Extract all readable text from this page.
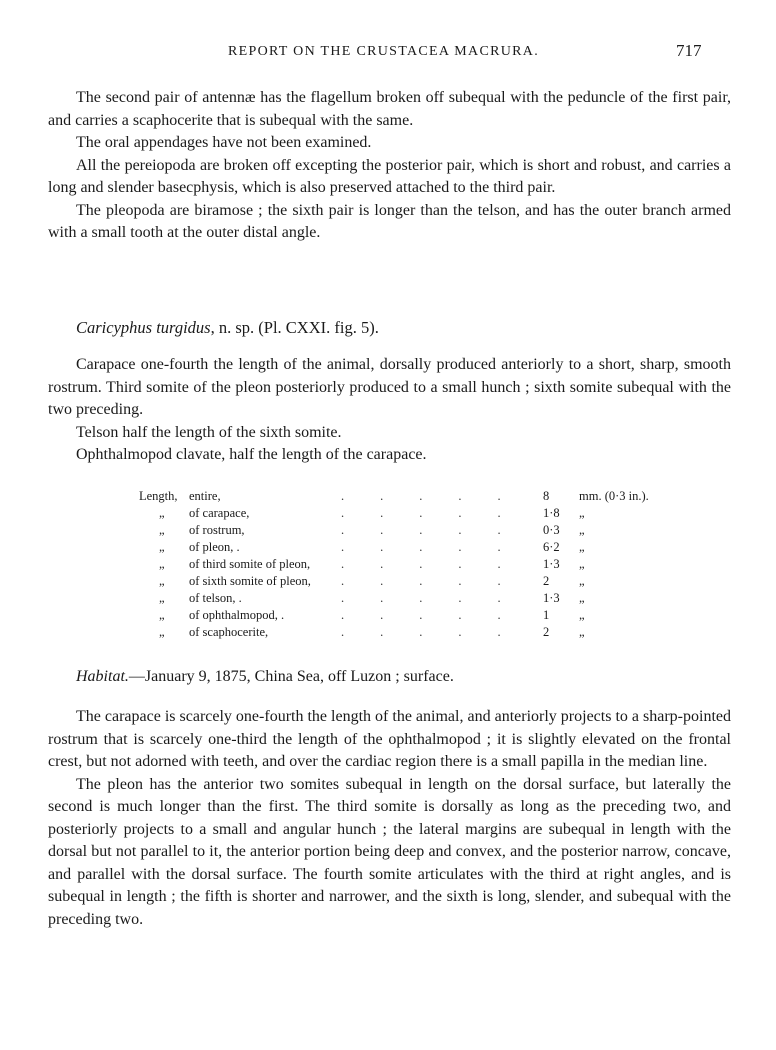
REPORT ON THE CRUSTACEA MACRURA.	717

The second pair of antennæ has the flagellum broken off subequal with the peduncle of the first pair, and carries a scaphocerite that is subequal with the same.

The oral appendages have not been examined.

All the pereiopoda are broken off excepting the posterior pair, which is short and robust, and carries a long and slender basecphysis, which is also preserved attached to the third pair.

The pleopoda are biramose ; the sixth pair is longer than the telson, and has the outer branch armed with a small tooth at the outer distal angle.

Caricyphus turgidus, n. sp. (Pl. CXXI. fig. 5).

Carapace one-fourth the length of the animal, dorsally produced anteriorly to a short, sharp, smooth rostrum. Third somite of the pleon posteriorly produced to a small hunch ; sixth somite subequal with the two preceding.

Telson half the length of the sixth somite.

Ophthalmopod clavate, half the length of the carapace.

Length, entire,	..... 8	mm. (0·3 in.).
„	of carapace,	..... 1·8	„
„	of rostrum,	..... 0·3	„
„	of pleon, .	..... 6·2	„
„	of third somite of pleon,	..... 1·3	„
„	of sixth somite of pleon,	..... 2	„
„	of telson, .	..... 1·3	„
„	of ophthalmopod, .	..... 1	„
„	of scaphocerite,	..... 2	„
Habitat.—January 9, 1875, China Sea, off Luzon ; surface.

The carapace is scarcely one-fourth the length of the animal, and anteriorly projects to a sharp-pointed rostrum that is scarcely one-third the length of the ophthalmopod ; it is slightly elevated on the frontal crest, but not adorned with teeth, and over the cardiac region there is a small papilla in the median line.

The pleon has the anterior two somites subequal in length on the dorsal surface, but laterally the second is much longer than the first. The third somite is dorsally as long as the preceding two, and posteriorly projects to a small and angular hunch ; the lateral margins are subequal in length with the dorsal but not parallel to it, the anterior portion being deep and convex, and the posterior narrow, concave, and parallel with the dorsal surface. The fourth somite articulates with the third at right angles, and is subequal in length ; the fifth is shorter and narrower, and the sixth is long, slender, and subequal with the preceding two.
